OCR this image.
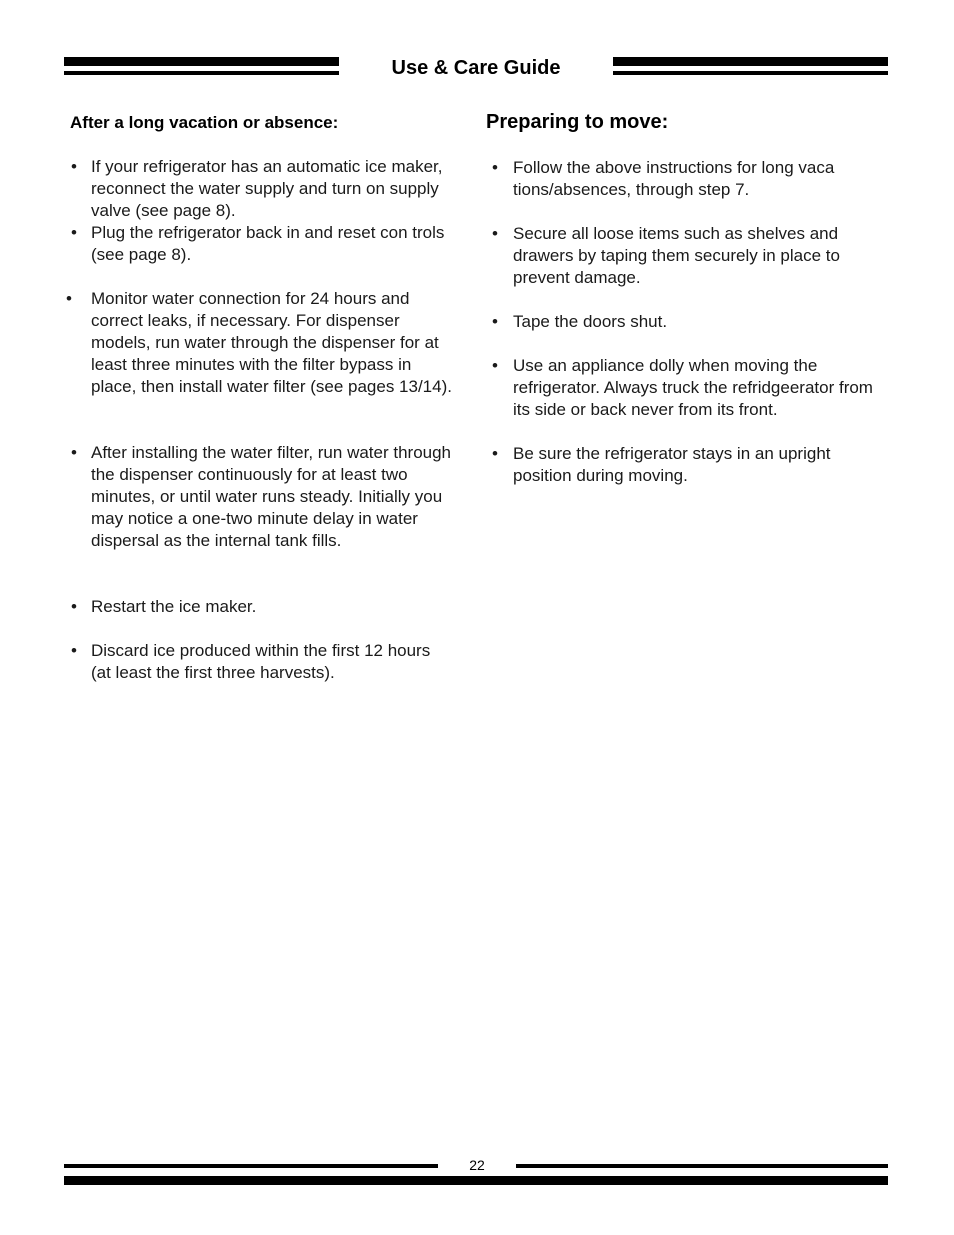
Use & Care Guide
After a long vacation or absence:
• If your refrigerator has an automatic ice maker, reconnect the water supply and turn on supply valve (see page 8).
• Plug the refrigerator back in and reset con trols (see page 8).
• Monitor water connection for 24 hours and correct leaks, if necessary. For dispenser models, run water through the dispenser for at least three minutes with the filter bypass in place, then install water filter (see pages 13/14).
• After installing the water filter, run water through the dispenser continuously for at least two minutes, or until water runs steady. Initially you may notice a one-two minute delay in water dispersal as the internal tank fills.
• Restart the ice maker.
• Discard ice produced within the first 12 hours (at least the first three harvests).
Preparing to move:
• Follow the above instructions for long vaca tions/absences, through step 7.
• Secure all loose items such as shelves and drawers by taping them securely in place to prevent damage.
• Tape the doors shut.
• Use an appliance dolly when moving the refrigerator. Always truck the refridgeerator from its side or back never from its front.
• Be sure the refrigerator stays in an upright position during moving.
22
